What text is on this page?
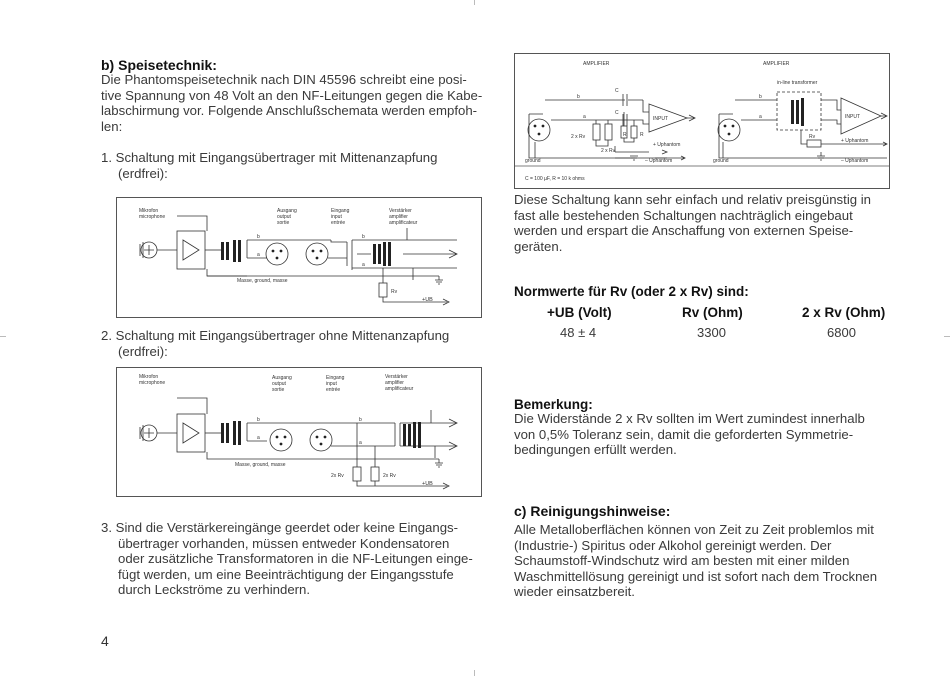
b) Speisetechnik:
Die Phantomspeisetechnik nach DIN 45596 schreibt eine posi-
tive Spannung von 48 Volt an den NF-Leitungen gegen die Kabe-
labschirmung vor. Folgende Anschlußschemata werden empfoh-
len:
1. Schaltung mit Eingangsübertrager mit Mittenanzapfung
(erdfrei):
Mikrofon
microphone
Ausgang
output
sortie
Eingang
input
entrée
Verstärker
amplifier
amplificateur
b
a
b
a
Masse, ground, masse
Rv
+UB
2. Schaltung mit Eingangsübertrager ohne Mittenanzapfung
(erdfrei):
Mikrofon
microphone
Ausgang
output
sortie
Eingang
input
entrée
Verstärker
amplifier
amplificateur
b
a
b
a
Masse, ground, masse
2x Rv	2x Rv
+UB
3. Sind die Verstärkereingänge geerdet oder keine Eingangs-
übertrager vorhanden, müssen entweder Kondensatoren
oder zusätzliche Transformatoren in die NF-Leitungen einge-
fügt werden, um eine Beeinträchtigung der Eingangsstufe
durch Leckströme zu verhindern.
4
AMPLIFIER	AMPLIFIER
in-line transformer
C
C
R	R
2 x Rv
2 x Rv
Rv
INPUT	INPUT
+ Uphantom
+ Uphantom
– Uphantom	– Uphantom
ground	ground
b
a
b
a
C = 100 µF, R = 10 k ohms
Diese Schaltung kann sehr einfach und relativ preisgünstig in
fast alle bestehenden Schaltungen nachträglich eingebaut
werden und erspart die Anschaffung von externen Speise-
geräten.
Normwerte für Rv (oder 2 x Rv) sind:
+UB (Volt)	Rv (Ohm)	2 x Rv (Ohm)
48 ± 4	3300	6800
Bemerkung:
Die Widerstände 2 x Rv sollten im Wert zumindest innerhalb
von 0,5% Toleranz sein, damit die geforderten Symmetrie-
bedingungen erfüllt werden.
c) Reinigungshinweise:
Alle Metalloberflächen können von Zeit zu Zeit problemlos mit
(Industrie-) Spiritus oder Alkohol gereinigt werden. Der
Schaumstoff-Windschutz wird am besten mit einer milden
Waschmittellösung gereinigt und ist sofort nach dem Trocknen
wieder einsatzbereit.
